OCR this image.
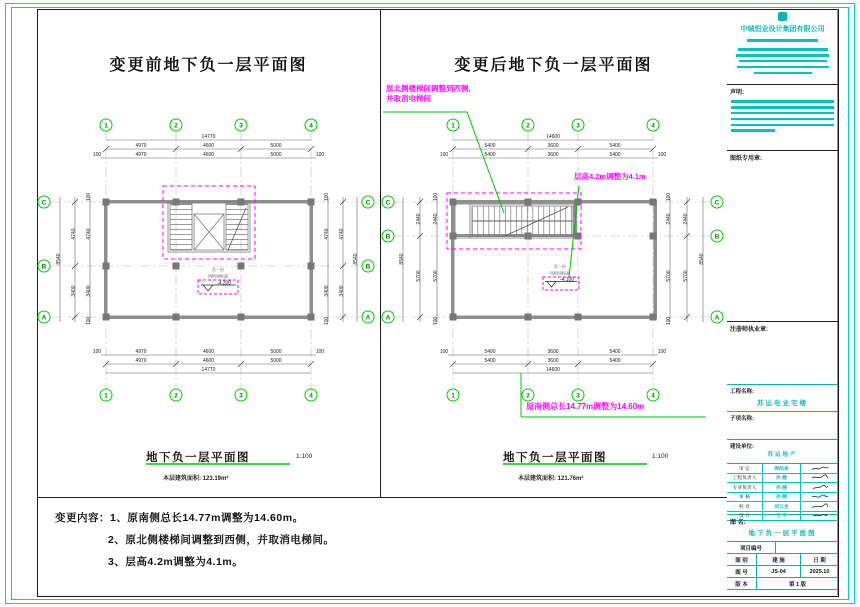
变更前地下负一层平面图	变更后地下负一层平面图
原北侧楼梯间调整到西侧,
并取消电梯间
层高4.2m调整为4.1m
原南侧总长14.77m调整为14.60m
负一层
风机房标高
-4.200
14770
4970	4600	5000
100	4970	4600	5000	100
100	4970	4600	5000	100
4970	4600	5000
14770
100
4740
3400
100
4740
3400
8540
100
4740
3400
100
4740
3400
8540
1	2	3	4
1	2	3	4
C
B
A
C
B
A
负一层
风机房标高
-4.100
14600
5400	3600	5400
100	5400	3600	5400	100
100	5400	3600	5400	100
5400	3600	5400
14600
100
2440
5700
100
2440
5700
8540
100
2440
5700
100
2440
5700
8540
1	2	3	4
1	2	3	4
C
B
A
C
B
A
地下负一层平面图	1:100
本层建筑面积: 123.19m²
地下负一层平面图	1:100
本层建筑面积: 121.76m²
变更内容：1、原南侧总长14.77m调整为14.60m。
2、原北侧楼梯间调整到西侧，并取消电梯间。
3、层高4.2m调整为4.1m。
中城恒业设计集团有限公司
声明:
图纸专用章:
注册师执业章:
工程名称:
苏运电业宅楼
子项名称:
建设单位:
苏运地产
审 定	周绍泉
工程负责人	孙 健
专业负责人	孙 健
审 核	孙 健
校 对	刘云龙
设 计	王 宇
图 名:
地下负一层平面图
项目编号
图 别	建 施	日 期
图 号	JS-04	2025.10
版 本	第 1 版
